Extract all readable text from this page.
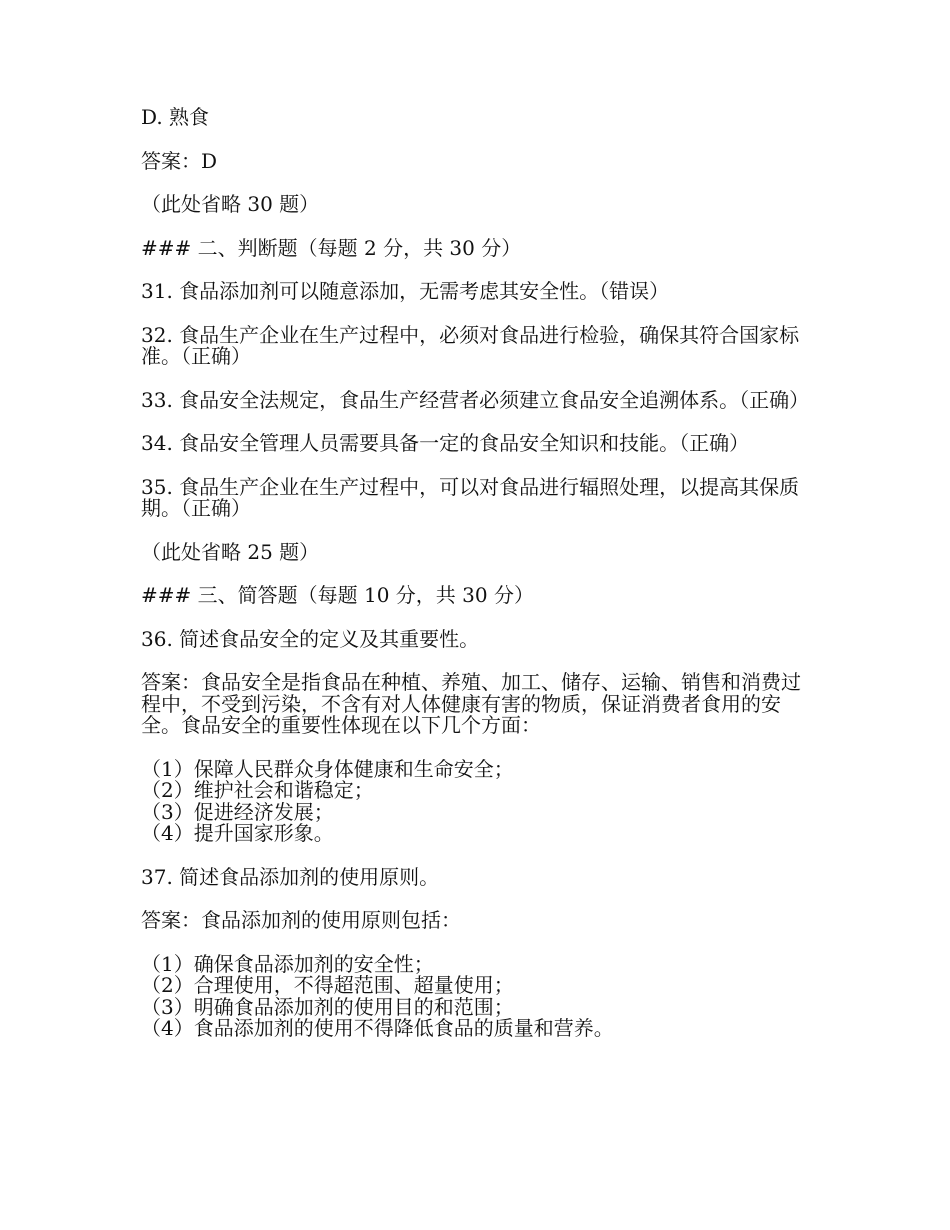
D. 熟食

答案：D

（此处省略 30 题）

### 二、判断题（每题 2 分，共 30 分）

31. 食品添加剂可以随意添加，无需考虑其安全性。（错误）

32. 食品生产企业在生产过程中，必须对食品进行检验，确保其符合国家标准。（正确）

33. 食品安全法规定，食品生产经营者必须建立食品安全追溯体系。（正确）

34. 食品安全管理人员需要具备一定的食品安全知识和技能。（正确）

35. 食品生产企业在生产过程中，可以对食品进行辐照处理，以提高其保质期。（正确）

（此处省略 25 题）

### 三、简答题（每题 10 分，共 30 分）

36. 简述食品安全的定义及其重要性。

答案：食品安全是指食品在种植、养殖、加工、储存、运输、销售和消费过程中，不受到污染，不含有对人体健康有害的物质，保证消费者食用的安全。食品安全的重要性体现在以下几个方面：

（1）保障人民群众身体健康和生命安全；

（2）维护社会和谐稳定；

（3）促进经济发展；

（4）提升国家形象。

37. 简述食品添加剂的使用原则。

答案：食品添加剂的使用原则包括：

（1）确保食品添加剂的安全性；

（2）合理使用，不得超范围、超量使用；

（3）明确食品添加剂的使用目的和范围；

（4）食品添加剂的使用不得降低食品的质量和营养。
